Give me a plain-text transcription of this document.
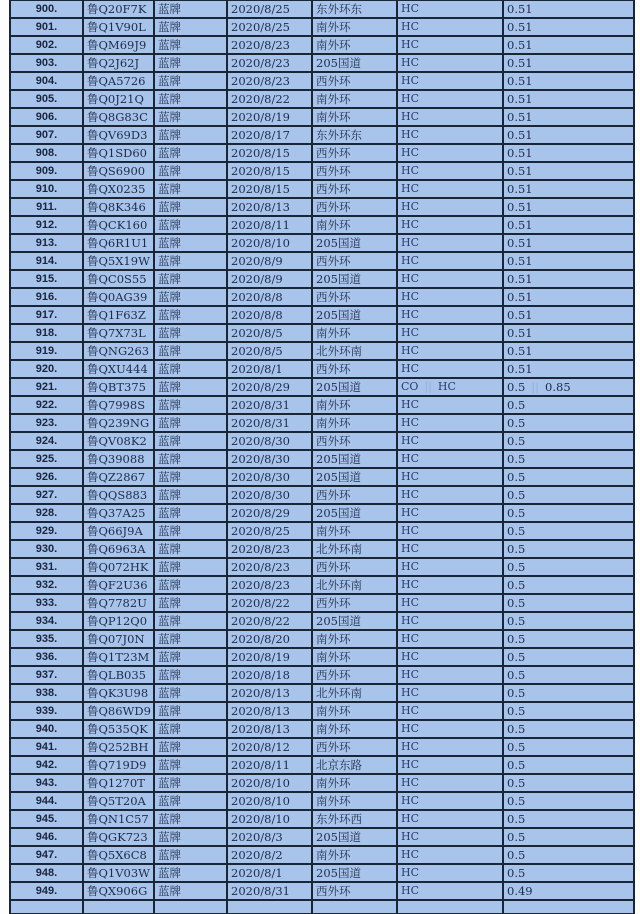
900.	鲁Q20F7K	蓝牌	2020/8/25	东外环东	HC	0.51
901.	鲁Q1V90L	蓝牌	2020/8/25	南外环	HC	0.51
902.	鲁QM69J9	蓝牌	2020/8/23	南外环	HC	0.51
903.	鲁Q2J62J	蓝牌	2020/8/23	205国道	HC	0.51
904.	鲁QA5726	蓝牌	2020/8/23	西外环	HC	0.51
905.	鲁Q0J21Q	蓝牌	2020/8/22	南外环	HC	0.51
906.	鲁Q8G83C	蓝牌	2020/8/19	南外环	HC	0.51
907.	鲁QV69D3	蓝牌	2020/8/17	东外环东	HC	0.51
908.	鲁Q1SD60	蓝牌	2020/8/15	西外环	HC	0.51
909.	鲁QS6900	蓝牌	2020/8/15	西外环	HC	0.51
910.	鲁QX0235	蓝牌	2020/8/15	西外环	HC	0.51
911.	鲁Q8K346	蓝牌	2020/8/13	西外环	HC	0.51
912.	鲁QCK160	蓝牌	2020/8/11	南外环	HC	0.51
913.	鲁Q6R1U1	蓝牌	2020/8/10	205国道	HC	0.51
914.	鲁Q5X19W	蓝牌	2020/8/9	西外环	HC	0.51
915.	鲁QC0S55	蓝牌	2020/8/9	205国道	HC	0.51
916.	鲁Q0AG39	蓝牌	2020/8/8	西外环	HC	0.51
917.	鲁Q1F63Z	蓝牌	2020/8/8	205国道	HC	0.51
918.	鲁Q7X73L	蓝牌	2020/8/5	南外环	HC	0.51
919.	鲁QNG263	蓝牌	2020/8/5	北外环南	HC	0.51
920.	鲁QXU444	蓝牌	2020/8/1	西外环	HC	0.51
921.	鲁QBT375	蓝牌	2020/8/29	205国道	CO || HC	0.5 || 0.85
922.	鲁Q7998S	蓝牌	2020/8/31	南外环	HC	0.5
923.	鲁Q239NG	蓝牌	2020/8/31	南外环	HC	0.5
924.	鲁QV08K2	蓝牌	2020/8/30	西外环	HC	0.5
925.	鲁Q39088	蓝牌	2020/8/30	205国道	HC	0.5
926.	鲁QZ2867	蓝牌	2020/8/30	205国道	HC	0.5
927.	鲁QQS883	蓝牌	2020/8/30	西外环	HC	0.5
928.	鲁Q37A25	蓝牌	2020/8/29	205国道	HC	0.5
929.	鲁Q66J9A	蓝牌	2020/8/25	南外环	HC	0.5
930.	鲁Q6963A	蓝牌	2020/8/23	北外环南	HC	0.5
931.	鲁Q072HK	蓝牌	2020/8/23	西外环	HC	0.5
932.	鲁QF2U36	蓝牌	2020/8/23	北外环南	HC	0.5
933.	鲁Q7782U	蓝牌	2020/8/22	西外环	HC	0.5
934.	鲁QP12Q0	蓝牌	2020/8/22	205国道	HC	0.5
935.	鲁Q07J0N	蓝牌	2020/8/20	南外环	HC	0.5
936.	鲁Q1T23M	蓝牌	2020/8/19	南外环	HC	0.5
937.	鲁QLB035	蓝牌	2020/8/18	西外环	HC	0.5
938.	鲁QK3U98	蓝牌	2020/8/13	北外环南	HC	0.5
939.	鲁Q86WD9	蓝牌	2020/8/13	南外环	HC	0.5
940.	鲁Q535QK	蓝牌	2020/8/13	南外环	HC	0.5
941.	鲁Q252BH	蓝牌	2020/8/12	西外环	HC	0.5
942.	鲁Q719D9	蓝牌	2020/8/11	北京东路	HC	0.5
943.	鲁Q1270T	蓝牌	2020/8/10	南外环	HC	0.5
944.	鲁Q5T20A	蓝牌	2020/8/10	南外环	HC	0.5
945.	鲁QN1C57	蓝牌	2020/8/10	东外环西	HC	0.5
946.	鲁QGK723	蓝牌	2020/8/3	205国道	HC	0.5
947.	鲁Q5X6C8	蓝牌	2020/8/2	南外环	HC	0.5
948.	鲁Q1V03W	蓝牌	2020/8/1	205国道	HC	0.5
949.	鲁QX906G	蓝牌	2020/8/31	西外环	HC	0.49
